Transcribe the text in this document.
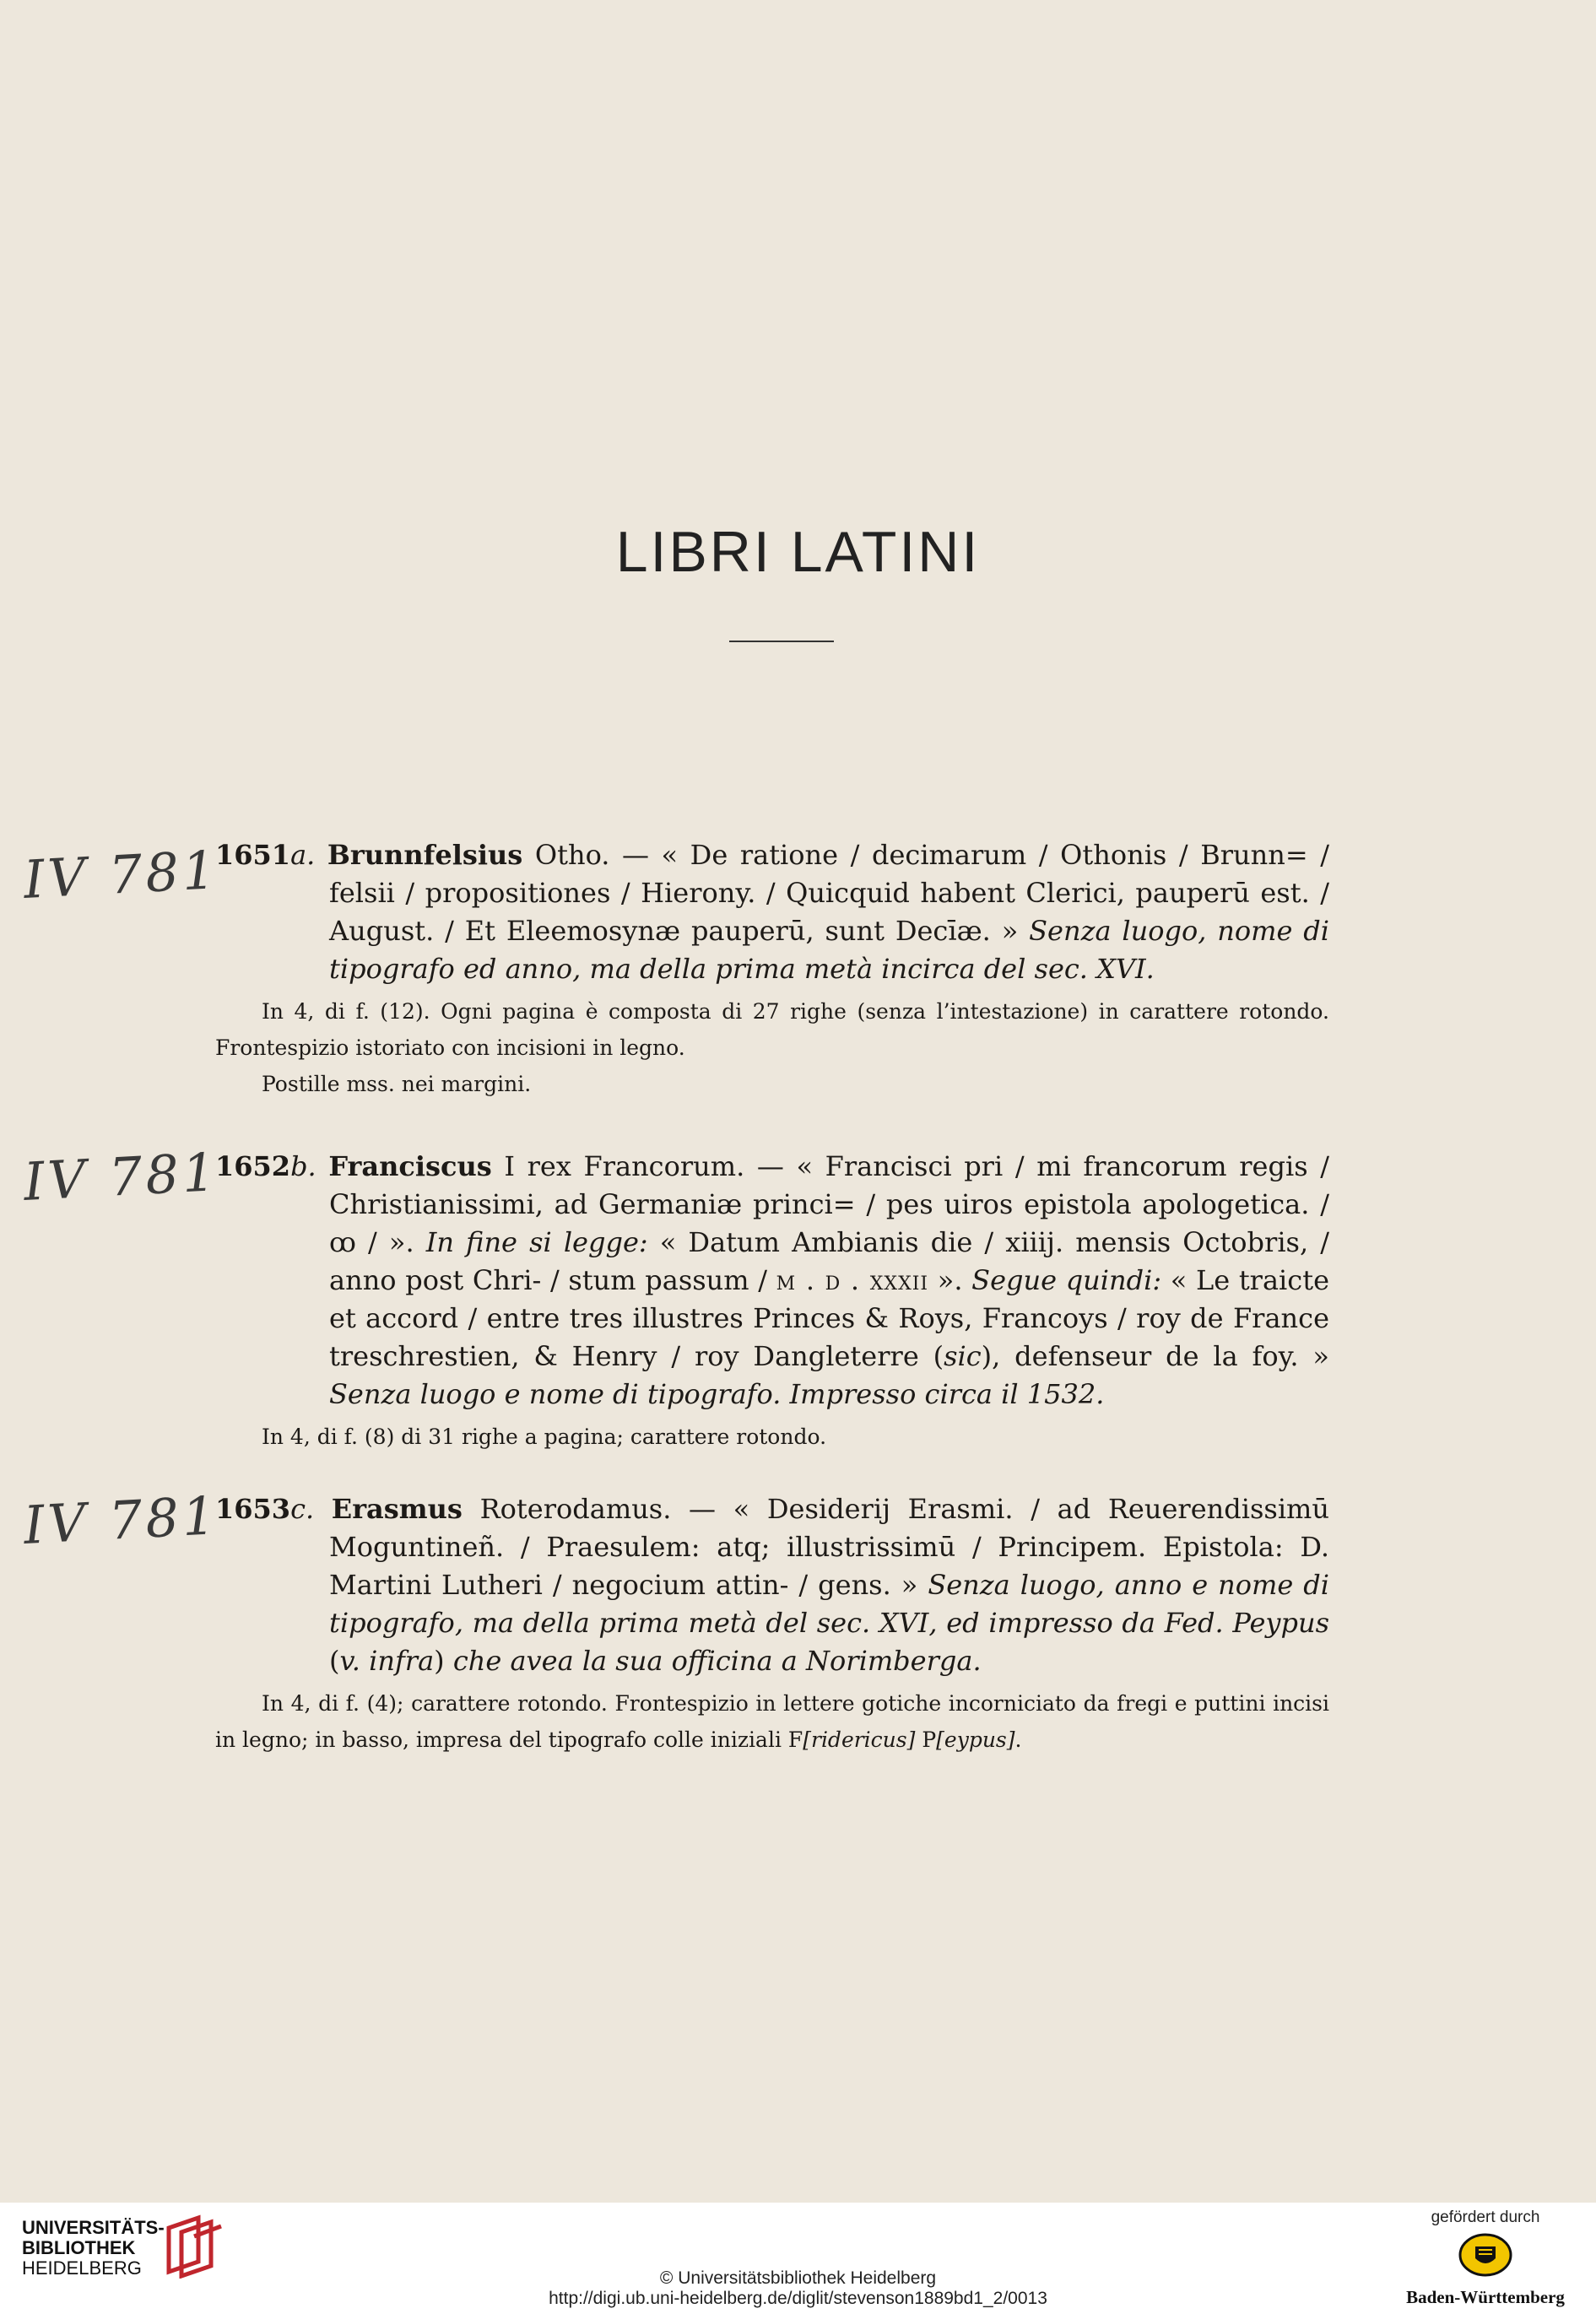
LIBRI LATINI
IV 781
1651a. Brunnfelsius Otho. — « De ratione / decimarum / Othonis / Brunn= / felsii / propositiones / Hierony. / Quicquid habent Clerici, pauperū est. / August. / Et Eleemosynæ pauperū, sunt Decīæ. » Senza luogo, nome di tipografo ed anno, ma della prima metà incirca del sec. XVI.
In 4, di f. (12). Ogni pagina è composta di 27 righe (senza l’intestazione) in carattere rotondo. Frontespizio istoriato con incisioni in legno.
Postille mss. nei margini.
IV 781
1652b. Franciscus I rex Francorum. — « Francisci pri / mi francorum regis / Christianissimi, ad Germaniæ princi= / pes uiros epistola apologetica. / ꝏ / ». In fine si legge: « Datum Ambianis die / xiiij. mensis Octobris, / anno post Chri- / stum passum / m . d . xxxii ». Segue quindi: « Le traicte et accord / entre tres illustres Princes & Roys, Francoys / roy de France treschrestien, & Henry / roy Dangleterre (sic), defenseur de la foy. » Senza luogo e nome di tipografo. Impresso circa il 1532.
In 4, di f. (8) di 31 righe a pagina; carattere rotondo.
IV 781
1653c. Erasmus Roterodamus. — « Desiderij Erasmi. / ad Reuerendissimū Moguntineñ. / Praesulem: atq; illustrissimū / Principem. Epistola: D. Martini Lutheri / negocium attin- / gens. » Senza luogo, anno e nome di tipografo, ma della prima metà del sec. XVI, ed impresso da Fed. Peypus (v. infra) che avea la sua officina a Norimberga.
In 4, di f. (4); carattere rotondo. Frontespizio in lettere gotiche incorniciato da fregi e puttini incisi in legno; in basso, impresa del tipografo colle iniziali F[ridericus] P[eypus].
UNIVERSITÄTS-
BIBLIOTHEK
HEIDELBERG	© Universitätsbibliothek Heidelberg
http://digi.ub.uni-heidelberg.de/diglit/stevenson1889bd1_2/0013
gefördert durch
Baden-Württemberg
